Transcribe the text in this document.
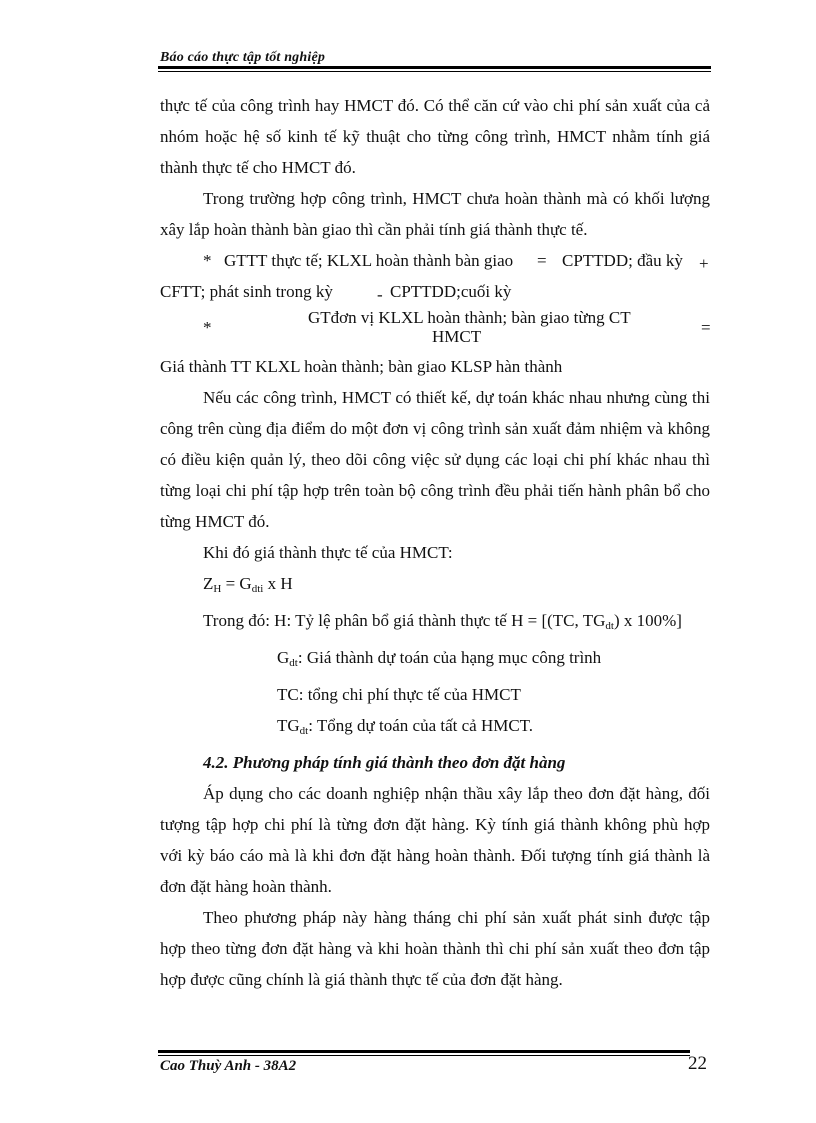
Báo cáo thực tập tốt nghiệp

thực tế của công trình hay HMCT đó. Có thể căn cứ vào chi phí sản xuất của cả nhóm hoặc hệ số kinh tế kỹ thuật cho từng công trình, HMCT nhằm tính giá thành thực tế cho HMCT đó.

Trong trường hợp công trình, HMCT chưa hoàn thành mà có khối lượng xây lắp hoàn thành bàn giao thì cần phải tính giá thành thực tế.

* GTTT thực tế; KLXL hoàn thành bàn giao = CPTTDD; đầu kỳ +
CFTT; phát sinh trong kỳ	- CPTTDD;cuối kỳ
*
GTđơn vị KLXL hoàn thành; bàn giao từng CT
HMCT	=

Giá thành TT KLXL hoàn thành; bàn giao KLSP hàn thành

Nếu các công trình, HMCT có thiết kế, dự toán khác nhau nhưng cùng thi công trên cùng địa điểm do một đơn vị công trình sản xuất đảm nhiệm và không có điều kiện quản lý, theo dõi công việc sử dụng các loại chi phí khác nhau thì từng loại chi phí tập hợp trên toàn bộ công trình đều phải tiến hành phân bổ cho từng HMCT đó.

Khi đó giá thành thực tế của HMCT:

$Z_H = G_{dti}$ x H

Trong đó: H: Tỷ lệ phân bổ giá thành thực tế H = [(TC, $TG_{dt}$) x 100%]

$G_{dt}$: Giá thành dự toán của hạng mục công trình

TC: tổng chi phí thực tế của HMCT

$TG_{dt}$: Tổng dự toán của tất cả HMCT.

4.2. Phương pháp tính giá thành theo đơn đặt hàng

Áp dụng cho các doanh nghiệp nhận thầu xây lắp theo đơn đặt hàng, đối tượng tập hợp chi phí là từng đơn đặt hàng. Kỳ tính giá thành không phù hợp với kỳ báo cáo mà là khi đơn đặt hàng hoàn thành. Đối tượng tính giá thành là đơn đặt hàng hoàn thành.

Theo phương pháp này hàng tháng chi phí sản xuất phát sinh được tập hợp theo từng đơn đặt hàng và khi hoàn thành thì chi phí sản xuất theo đơn tập hợp được cũng chính là giá thành thực tế của đơn đặt hàng.

Cao Thuỳ Anh - 38A2	22
